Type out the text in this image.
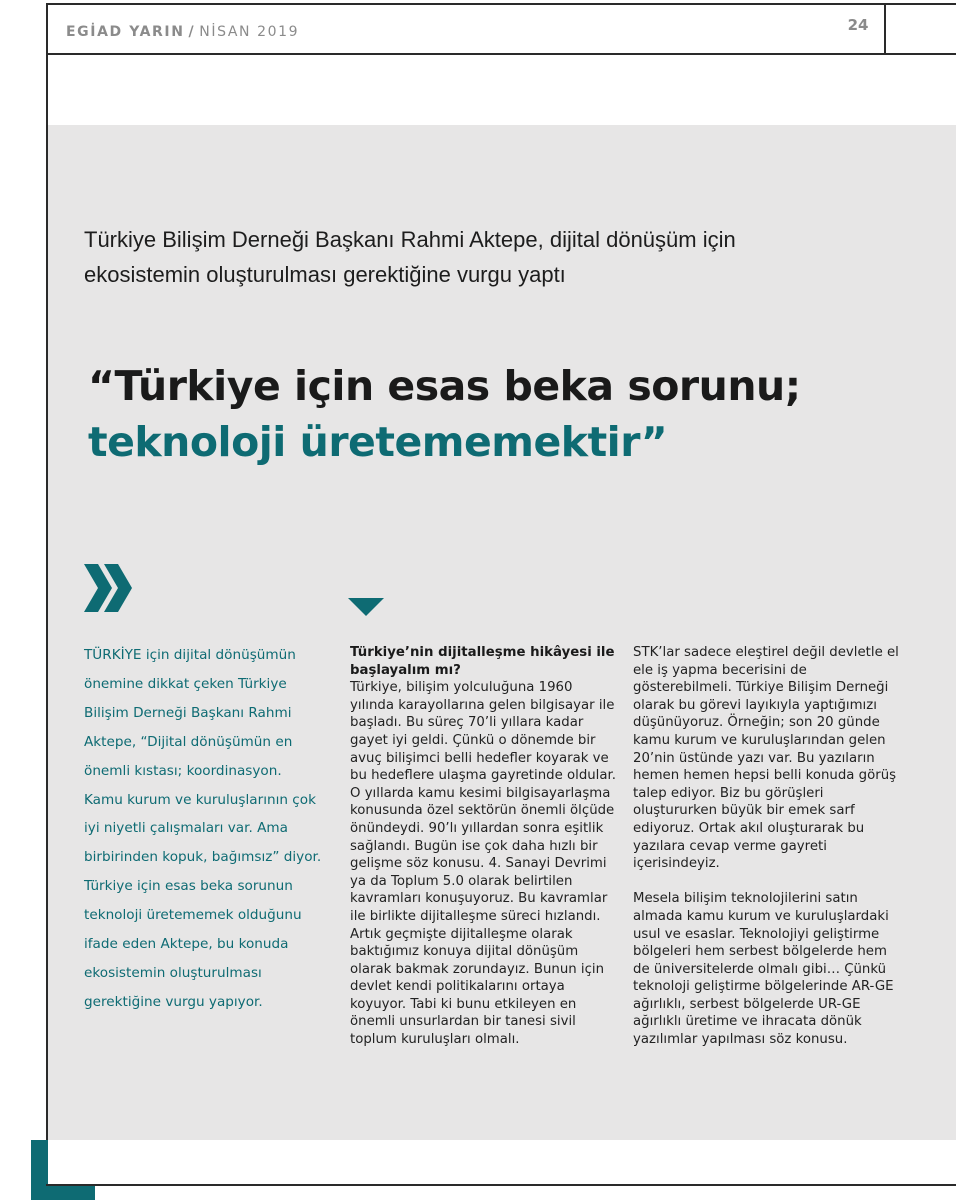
EGİAD YARIN / NİSAN 2019	24
Türkiye Bilişim Derneği Başkanı Rahmi Aktepe, dijital dönüşüm için ekosistemin oluşturulması gerektiğine vurgu yaptı
“Türkiye için esas beka sorunu;
teknoloji üretememektir”
TÜRKİYE için dijital dönüşümün önemine dikkat çeken Türkiye Bilişim Derneği Başkanı Rahmi Aktepe, “Dijital dönüşümün en önemli kıstası; koordinasyon. Kamu kurum ve kuruluşlarının çok iyi niyetli çalışmaları var. Ama birbirinden kopuk, bağımsız” diyor. Türkiye için esas beka sorunun teknoloji üretememek olduğunu ifade eden Aktepe, bu konuda ekosistemin oluşturulması gerektiğine vurgu yapıyor.

Türkiye’nin dijitalleşme hikâyesi ile başlayalım mı?

Türkiye, bilişim yolculuğuna 1960 yılında karayollarına gelen bilgisayar ile başladı. Bu süreç 70’li yıllara kadar gayet iyi geldi. Çünkü o dönemde bir avuç bilişimci belli hedefler koyarak ve bu hedeflere ulaşma gayretinde oldular. O yıllarda kamu kesimi bilgisayarlaşma konusunda özel sektörün önemli ölçüde önündeydi. 90’lı yıllardan sonra eşitlik sağlandı. Bugün ise çok daha hızlı bir gelişme söz konusu. 4. Sanayi Devrimi ya da Toplum 5.0 olarak belirtilen kavramları konuşuyoruz. Bu kavramlar ile birlikte dijitalleşme süreci hızlandı. Artık geçmişte dijitalleşme olarak baktığımız konuya dijital dönüşüm olarak bakmak zorundayız. Bunun için devlet kendi politikalarını ortaya koyuyor. Tabi ki bunu etkileyen en önemli unsurlardan bir tanesi sivil toplum kuruluşları olmalı.

STK’lar sadece eleştirel değil devletle el ele iş yapma becerisini de gösterebilmeli. Türkiye Bilişim Derneği olarak bu görevi layıkıyla yaptığımızı düşünüyoruz. Örneğin; son 20 günde kamu kurum ve kuruluşlarından gelen 20’nin üstünde yazı var. Bu yazıların hemen hemen hepsi belli konuda görüş talep ediyor. Biz bu görüşleri oluştururken büyük bir emek sarf ediyoruz. Ortak akıl oluşturarak bu yazılara cevap verme gayreti içerisindeyiz.

Mesela bilişim teknolojilerini satın almada kamu kurum ve kuruluşlardaki usul ve esaslar. Teknolojiyi geliştirme bölgeleri hem serbest bölgelerde hem de üniversitelerde olmalı gibi… Çünkü teknoloji geliştirme bölgelerinde AR-GE ağırlıklı, serbest bölgelerde UR-GE ağırlıklı üretime ve ihracata dönük yazılımlar yapılması söz konusu.
